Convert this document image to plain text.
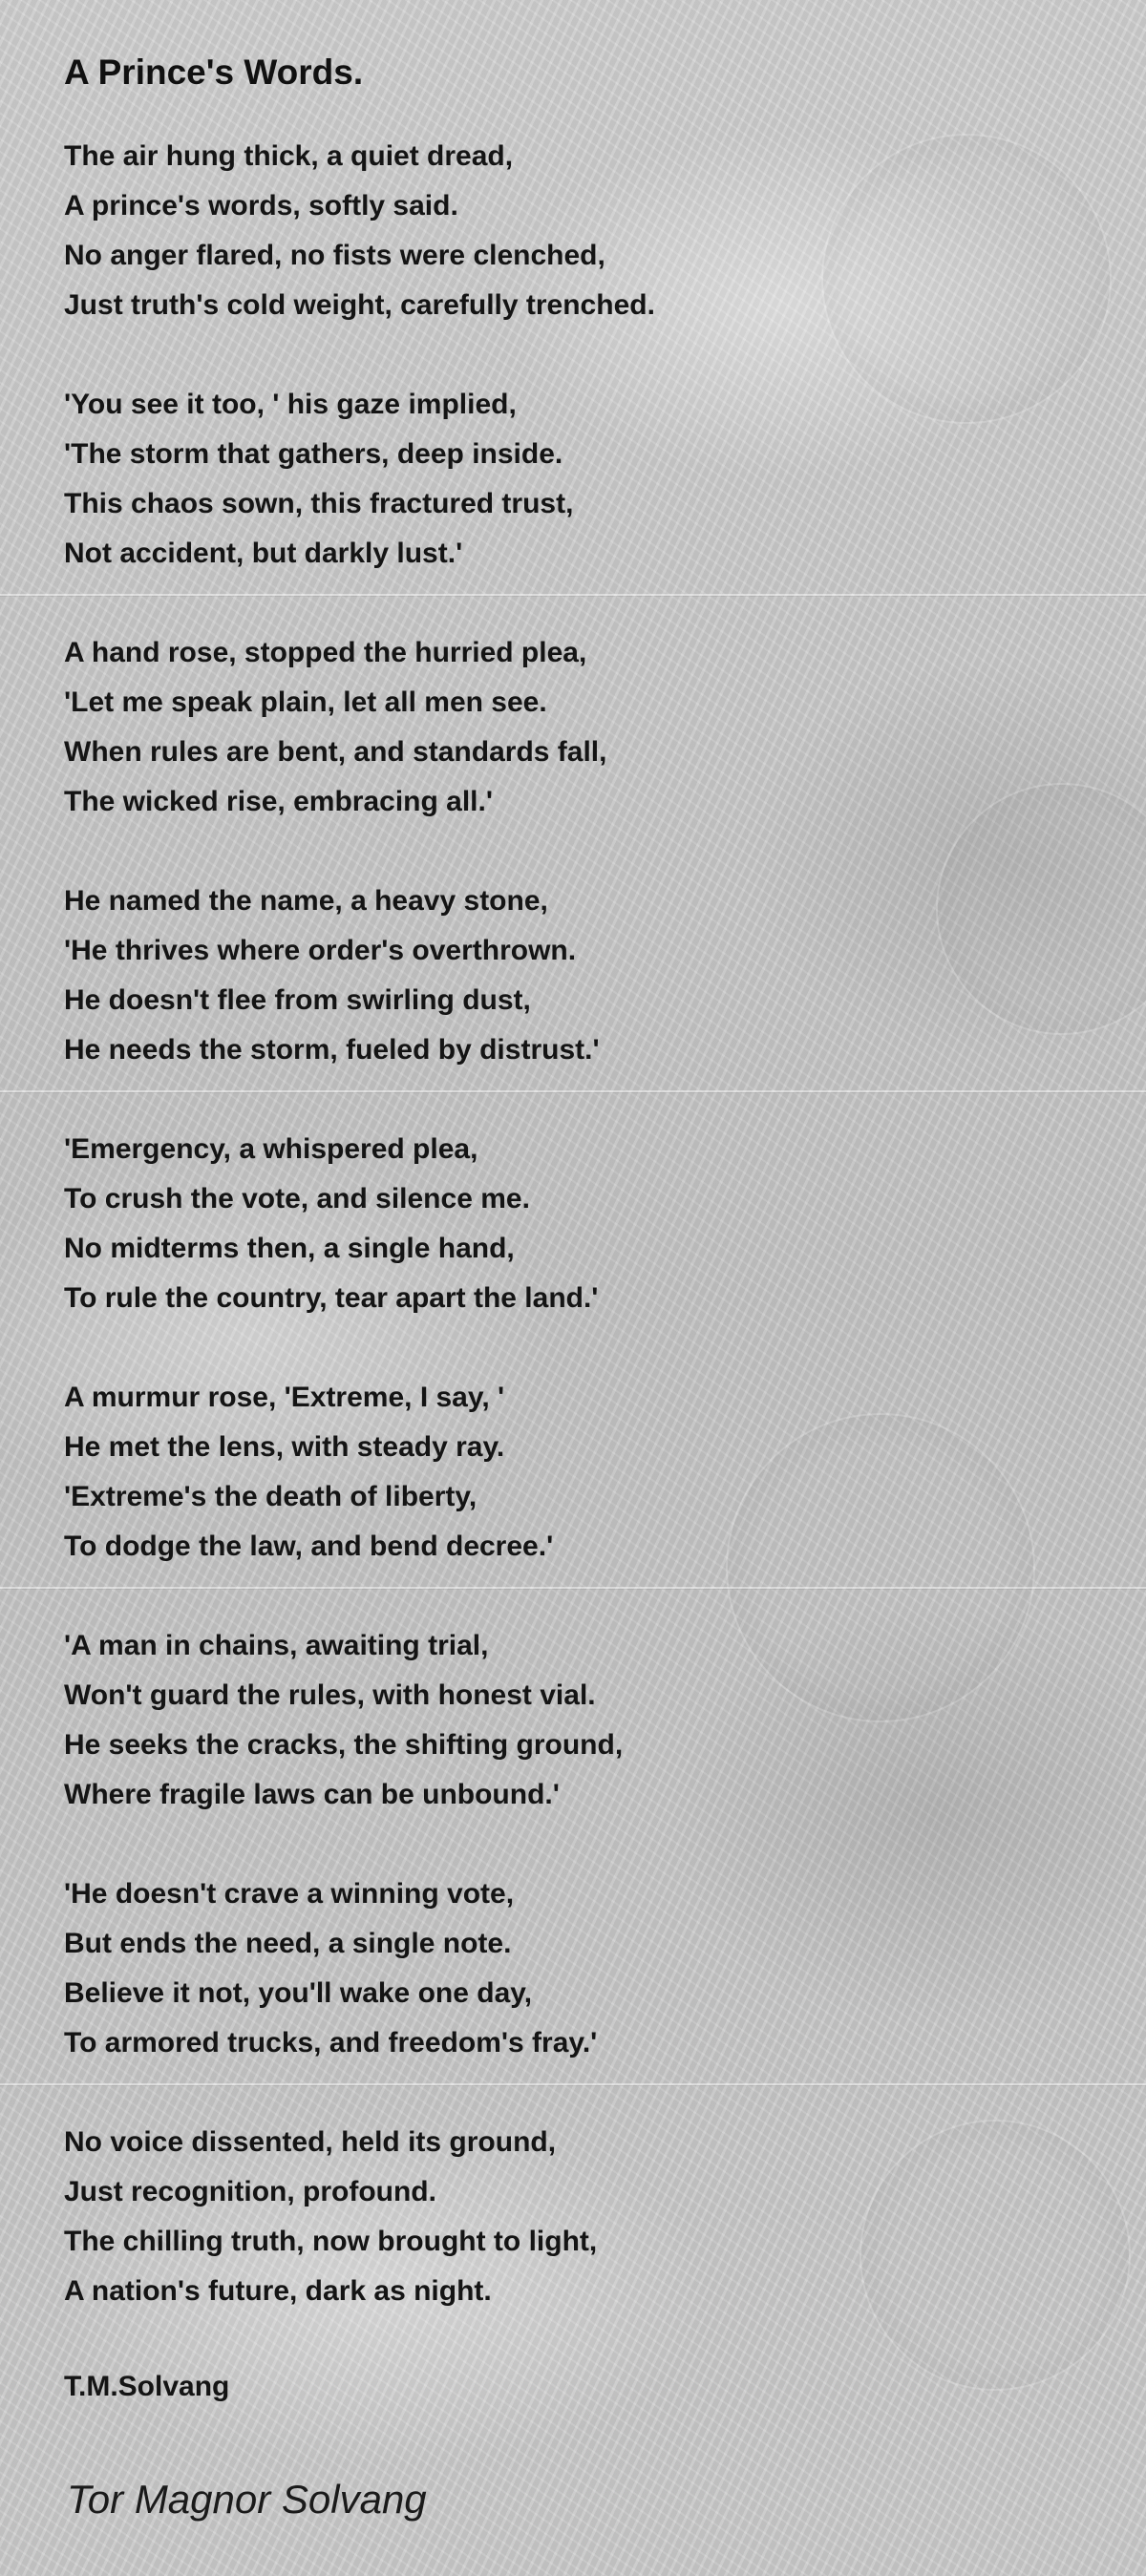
A Prince's Words.
The air hung thick, a quiet dread,
A prince's words, softly said.
No anger flared, no fists were clenched,
Just truth's cold weight, carefully trenched.
'You see it too, ' his gaze implied,
'The storm that gathers, deep inside.
This chaos sown, this fractured trust,
Not accident, but darkly lust.'
A hand rose, stopped the hurried plea,
'Let me speak plain, let all men see.
When rules are bent, and standards fall,
The wicked rise, embracing all.'
He named the name, a heavy stone,
'He thrives where order's overthrown.
He doesn't flee from swirling dust,
He needs the storm, fueled by distrust.'
'Emergency, a whispered plea,
To crush the vote, and silence me.
No midterms then, a single hand,
To rule the country, tear apart the land.'
A murmur rose, 'Extreme, I say, '
He met the lens, with steady ray.
'Extreme's the death of liberty,
To dodge the law, and bend decree.'
'A man in chains, awaiting trial,
Won't guard the rules, with honest vial.
He seeks the cracks, the shifting ground,
Where fragile laws can be unbound.'
'He doesn't crave a winning vote,
But ends the need, a single note.
Believe it not, you'll wake one day,
To armored trucks, and freedom's fray.'
No voice dissented, held its ground,
Just recognition, profound.
The chilling truth, now brought to light,
A nation's future, dark as night.
T.M.Solvang
Tor Magnor Solvang
